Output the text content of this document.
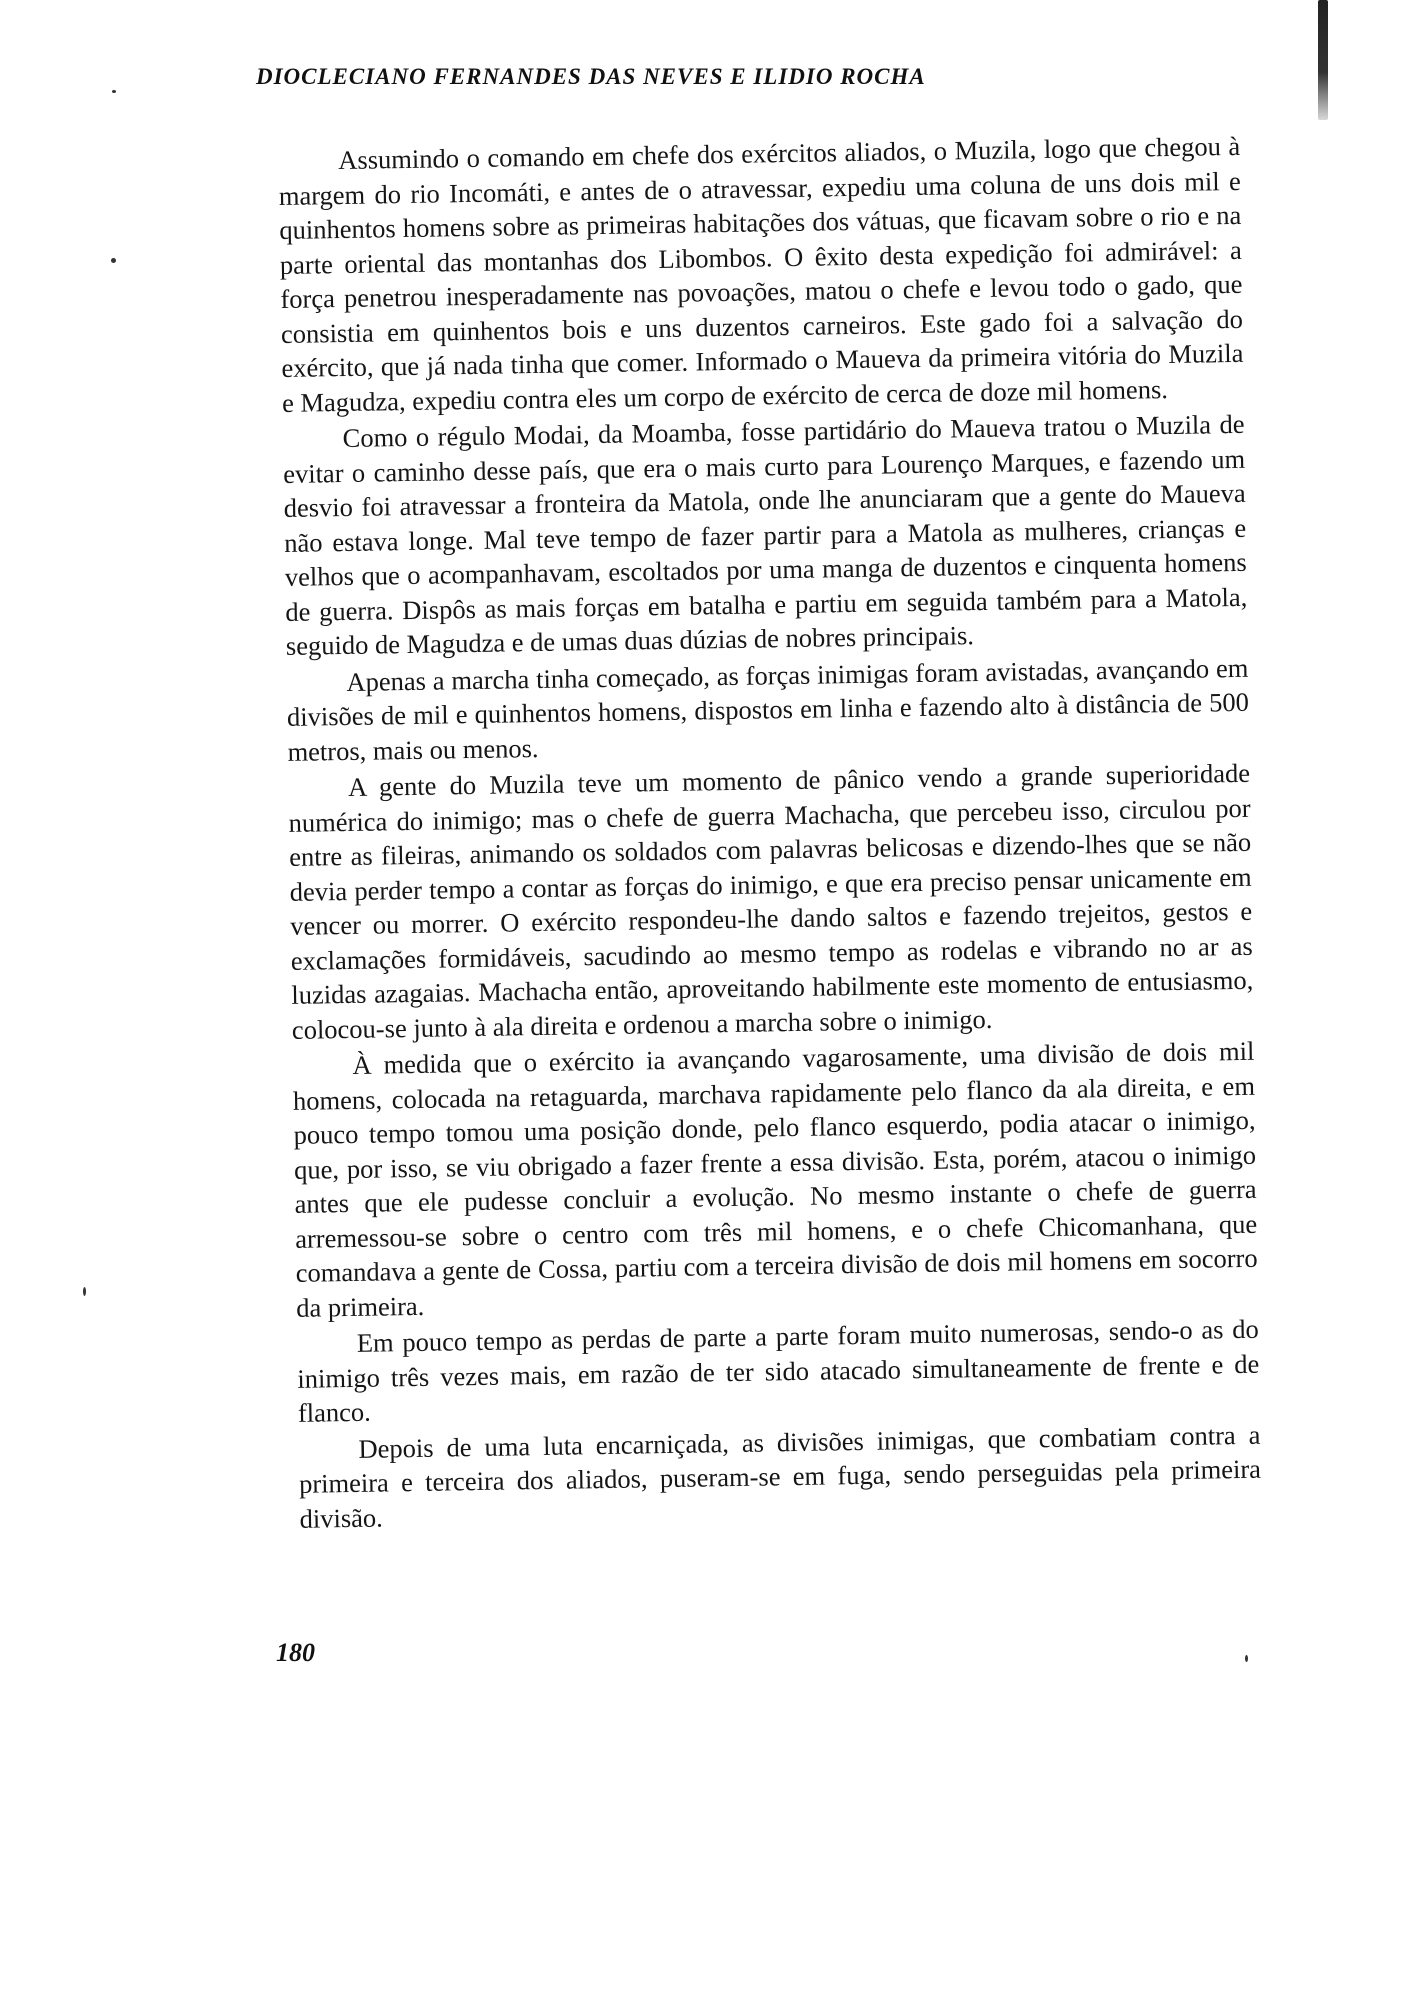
DIOCLECIANO FERNANDES DAS NEVES E ILIDIO ROCHA

Assumindo o comando em chefe dos exércitos aliados, o Muzila, logo que chegou à margem do rio Incomáti, e antes de o atravessar, expediu uma coluna de uns dois mil e quinhentos homens sobre as primeiras habitações dos vátuas, que ficavam sobre o rio e na parte oriental das montanhas dos Libombos. O êxito desta expedição foi admirável: a força penetrou inesperadamente nas povoações, matou o chefe e levou todo o gado, que consistia em quinhentos bois e uns duzentos carneiros. Este gado foi a salvação do exército, que já nada tinha que comer. Informado o Maueva da primeira vitória do Muzila e Magudza, expediu contra eles um corpo de exército de cerca de doze mil homens.

Como o régulo Modai, da Moamba, fosse partidário do Maueva tratou o Muzila de evitar o caminho desse país, que era o mais curto para Lourenço Marques, e fazendo um desvio foi atravessar a fronteira da Matola, onde lhe anunciaram que a gente do Maueva não estava longe. Mal teve tempo de fazer partir para a Matola as mulheres, crianças e velhos que o acompanhavam, escoltados por uma manga de duzentos e cinquenta homens de guerra. Dispôs as mais forças em batalha e partiu em seguida também para a Matola, seguido de Magudza e de umas duas dúzias de nobres principais.

Apenas a marcha tinha começado, as forças inimigas foram avistadas, avançando em divisões de mil e quinhentos homens, dispostos em linha e fazendo alto à distância de 500 metros, mais ou menos.

A gente do Muzila teve um momento de pânico vendo a grande superioridade numérica do inimigo; mas o chefe de guerra Machacha, que percebeu isso, circulou por entre as fileiras, animando os soldados com palavras belicosas e dizendo-lhes que se não devia perder tempo a contar as forças do inimigo, e que era preciso pensar unicamente em vencer ou morrer. O exército respondeu-lhe dando saltos e fazendo trejeitos, gestos e exclamações formidáveis, sacudindo ao mesmo tempo as rodelas e vibrando no ar as luzidas azagaias. Machacha então, aproveitando habilmente este momento de entusiasmo, colocou-se junto à ala direita e ordenou a marcha sobre o inimigo.

À medida que o exército ia avançando vagarosamente, uma divisão de dois mil homens, colocada na retaguarda, marchava rapidamente pelo flanco da ala direita, e em pouco tempo tomou uma posição donde, pelo flanco esquerdo, podia atacar o inimigo, que, por isso, se viu obrigado a fazer frente a essa divisão. Esta, porém, atacou o inimigo antes que ele pudesse concluir a evolução. No mesmo instante o chefe de guerra arremessou-se sobre o centro com três mil homens, e o chefe Chicomanhana, que comandava a gente de Cossa, partiu com a terceira divisão de dois mil homens em socorro da primeira.

Em pouco tempo as perdas de parte a parte foram muito numerosas, sendo-o as do inimigo três vezes mais, em razão de ter sido atacado simultaneamente de frente e de flanco.

Depois de uma luta encarniçada, as divisões inimigas, que combatiam contra a primeira e terceira dos aliados, puseram-se em fuga, sendo perseguidas pela primeira divisão.

180
